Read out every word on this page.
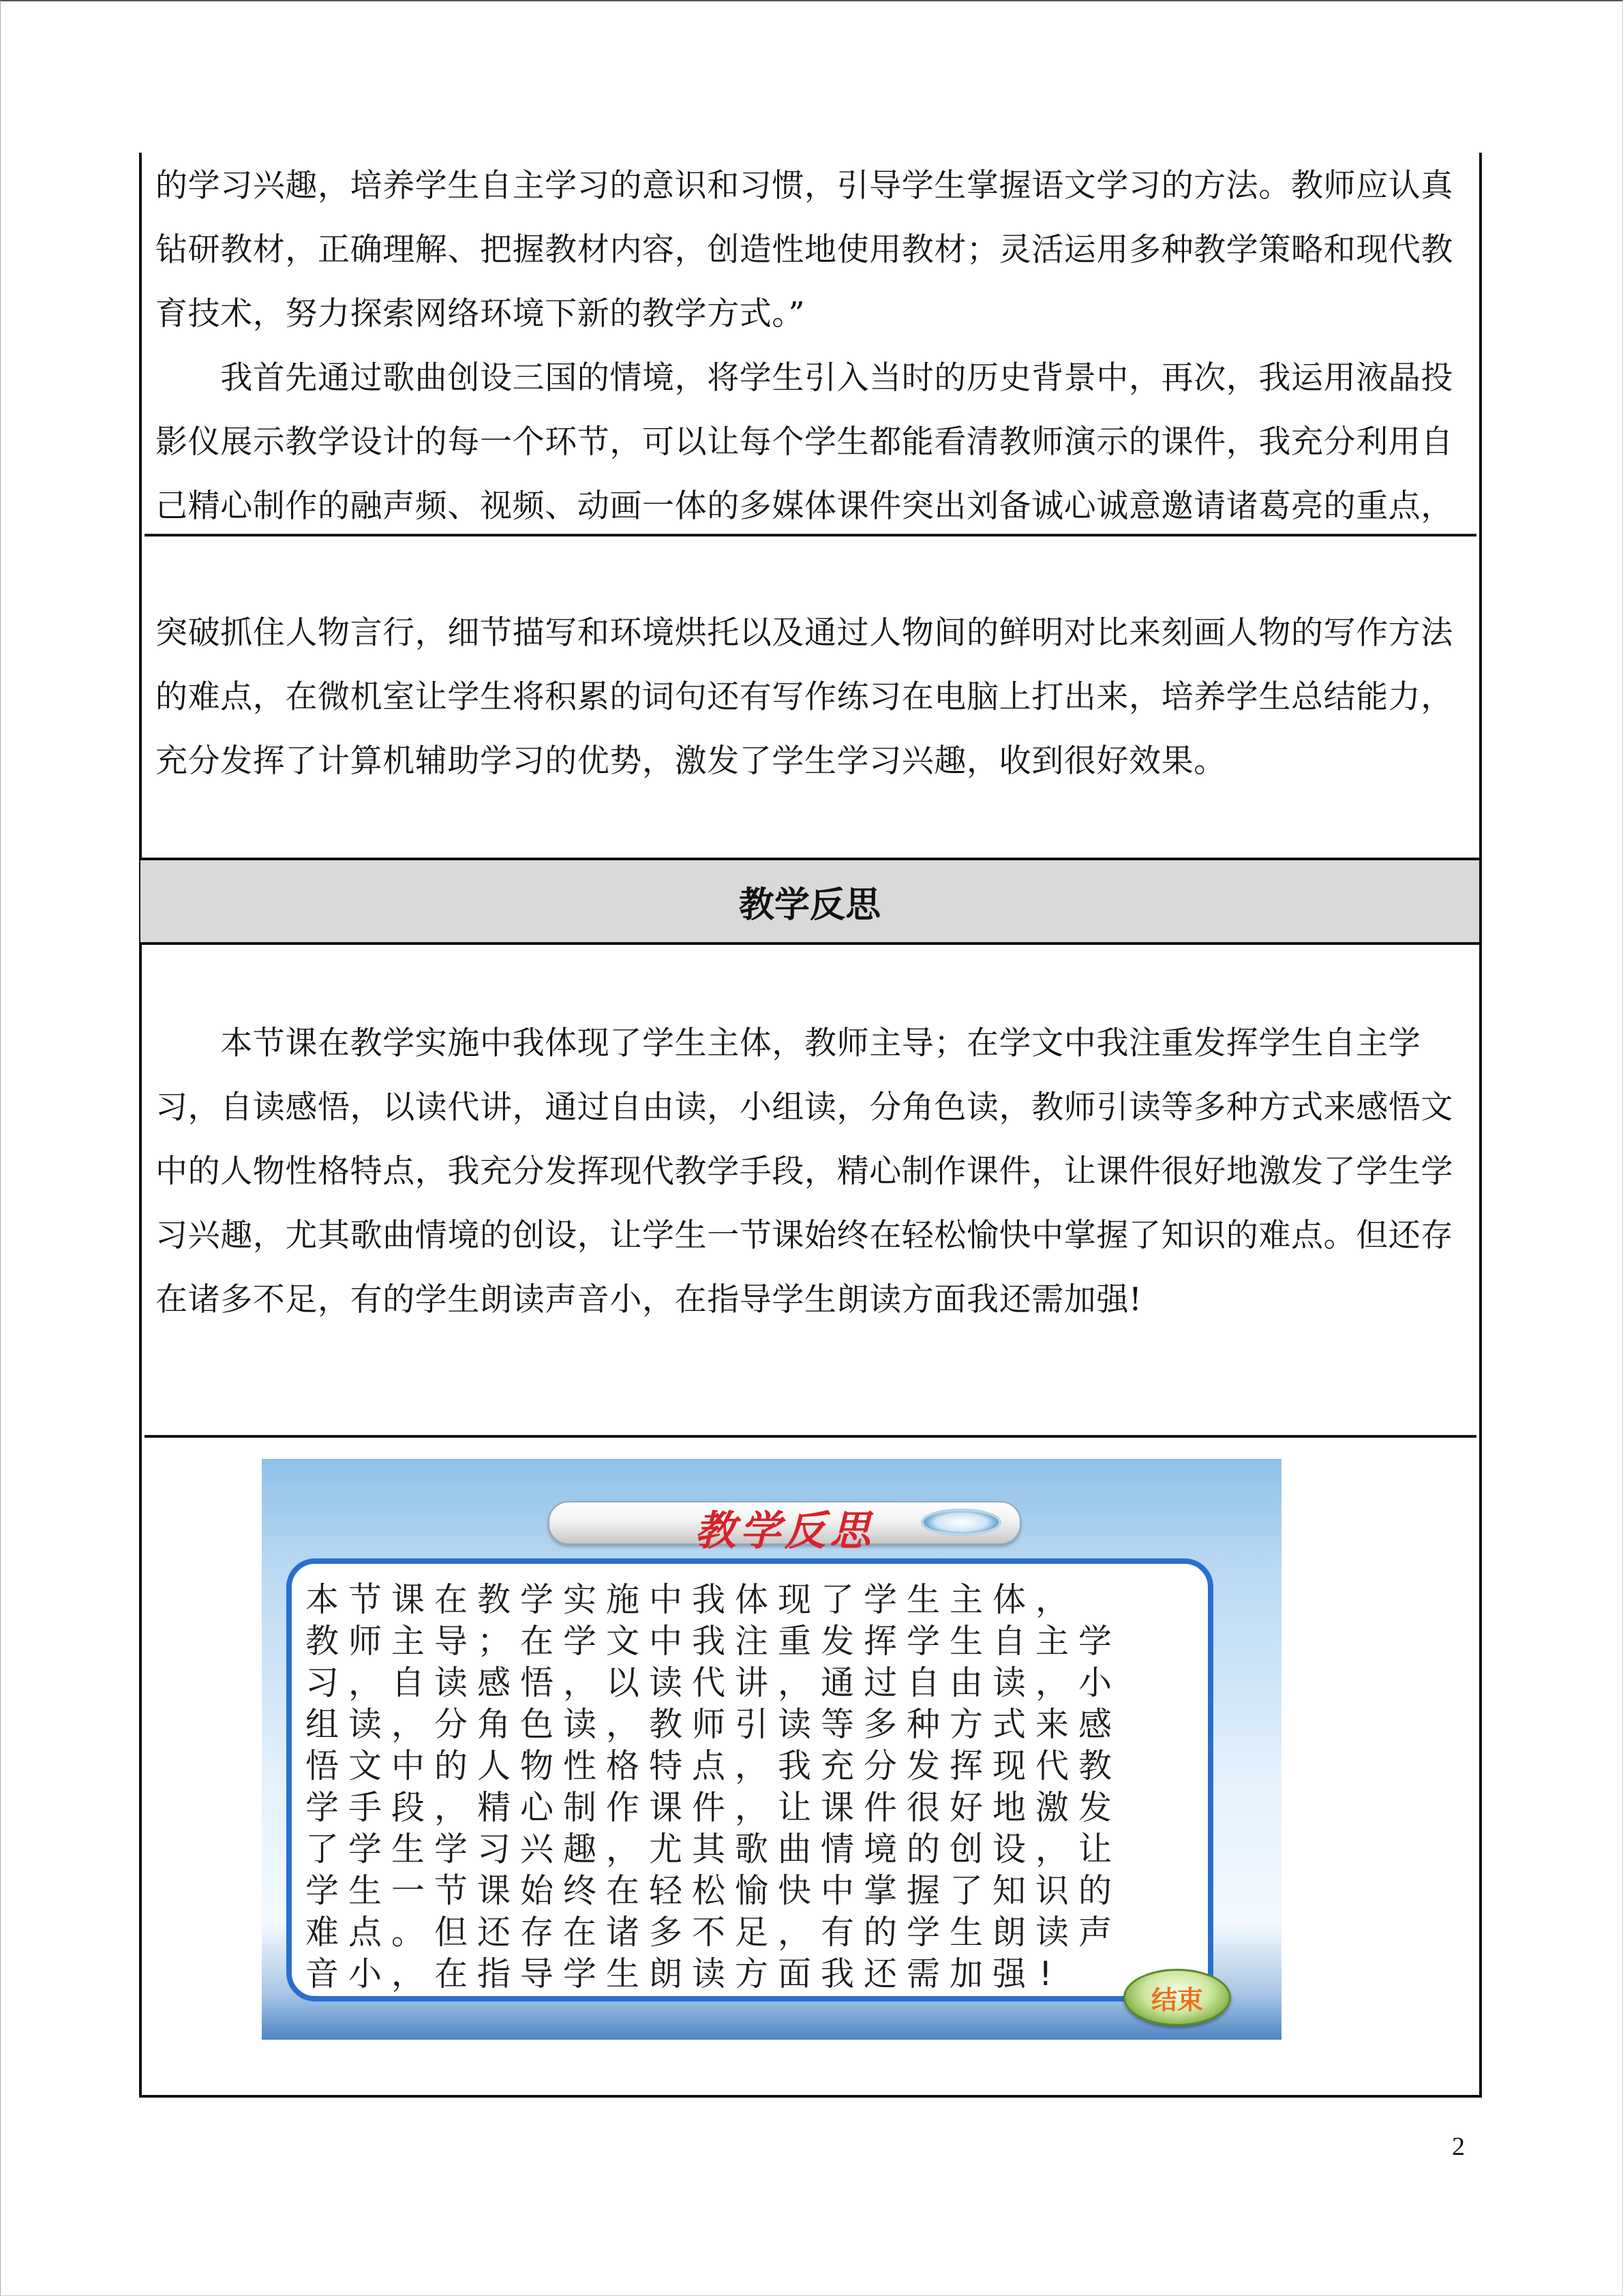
的学习兴趣，培养学生自主学习的意识和习惯，引导学生掌握语文学习的方法。教师应认真
钻研教材，正确理解、把握教材内容，创造性地使用教材；灵活运用多种教学策略和现代教
育技术，努力探索网络环境下新的教学方式。”
　　我首先通过歌曲创设三国的情境，将学生引入当时的历史背景中，再次，我运用液晶投
影仪展示教学设计的每一个环节，可以让每个学生都能看清教师演示的课件，我充分利用自
己精心制作的融声频、视频、动画一体的多媒体课件突出刘备诚心诚意邀请诸葛亮的重点，
突破抓住人物言行，细节描写和环境烘托以及通过人物间的鲜明对比来刻画人物的写作方法
的难点，在微机室让学生将积累的词句还有写作练习在电脑上打出来，培养学生总结能力，
充分发挥了计算机辅助学习的优势，激发了学生学习兴趣，收到很好效果。
教学反思
　　本节课在教学实施中我体现了学生主体，教师主导；在学文中我注重发挥学生自主学
习，自读感悟，以读代讲，通过自由读，小组读，分角色读，教师引读等多种方式来感悟文
中的人物性格特点，我充分发挥现代教学手段，精心制作课件，让课件很好地激发了学生学
习兴趣，尤其歌曲情境的创设，让学生一节课始终在轻松愉快中掌握了知识的难点。但还存
在诸多不足，有的学生朗读声音小，在指导学生朗读方面我还需加强!
教学反思
本节课在教学实施中我体现了学生主体，
教师主导；在学文中我注重发挥学生自主学
习，自读感悟，以读代讲，通过自由读，小
组读，分角色读，教师引读等多种方式来感
悟文中的人物性格特点，我充分发挥现代教
学手段，精心制作课件，让课件很好地激发
了学生学习兴趣，尤其歌曲情境的创设，让
学生一节课始终在轻松愉快中掌握了知识的
难点。但还存在诸多不足，有的学生朗读声
音小，在指导学生朗读方面我还需加强!
结束
2
